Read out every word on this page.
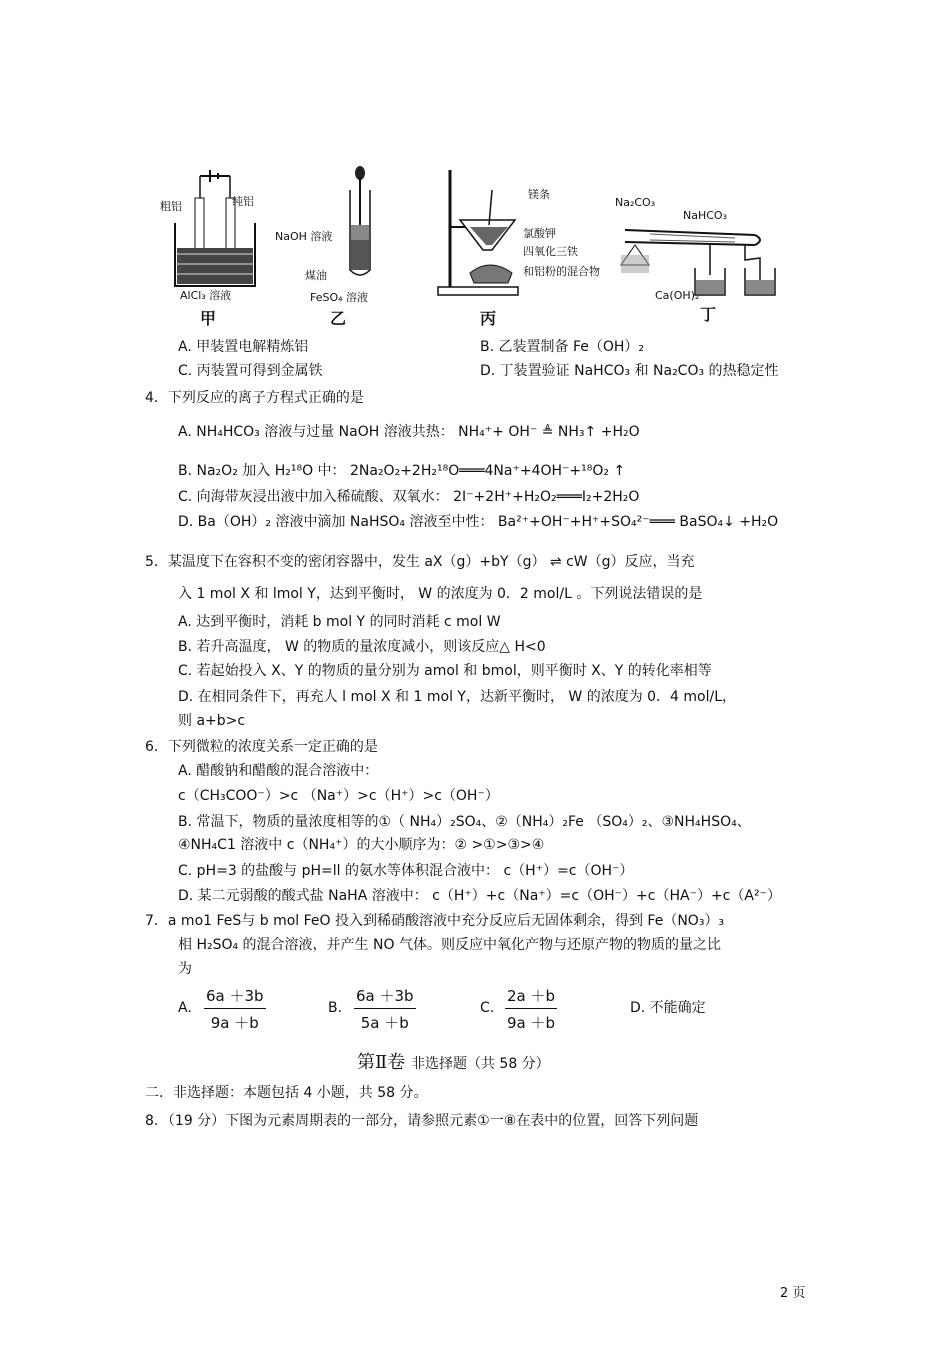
粗铝	纯铝
AlCl₃ 溶液
甲
NaOH 溶液
煤油
FeSO₄ 溶液
乙
镁条
氯酸钾
四氧化三铁
和铝粉的混合物
丙
Na₂CO₃
NaHCO₃
Ca(OH)₂
丁
A. 甲装置电解精炼铝	B. 乙装置制备 Fe（OH）₂
C. 丙装置可得到金属铁	D. 丁装置验证 NaHCO₃ 和 Na₂CO₃ 的热稳定性
4．下列反应的离子方程式正确的是
A. NH₄HCO₃ 溶液与过量 NaOH 溶液共热： NH₄⁺+ OH⁻ ≜ NH₃↑ +H₂O
B. Na₂O₂ 加入 H₂¹⁸O 中： 2Na₂O₂+2H₂¹⁸O═══4Na⁺+4OH⁻+¹⁸O₂ ↑
C. 向海带灰浸出液中加入稀硫酸、双氧水： 2I⁻+2H⁺+H₂O₂═══I₂+2H₂O
D. Ba（OH）₂ 溶液中滴加 NaHSO₄ 溶液至中性： Ba²⁺+OH⁻+H⁺+SO₄²⁻═══ BaSO₄↓ +H₂O
5．某温度下在容积不变的密闭容器中，发生 aX（g）+bY（g） ⇌ cW（g）反应，当充
入 1 mol X 和 lmol Y，达到平衡时， W 的浓度为 0．2 mol/L 。下列说法错误的是
A. 达到平衡时，消耗 b mol Y 的同时消耗 c mol W
B. 若升高温度， W 的物质的量浓度减小，则该反应△ H<0
C. 若起始投入 X、Y 的物质的量分别为 amol 和 bmol，则平衡时 X、Y 的转化率相等
D. 在相同条件下，再充人 l mol X 和 1 mol Y，达新平衡时， W 的浓度为 0．4 mol/L，
则 a+b>c
6．下列微粒的浓度关系一定正确的是
A. 醋酸钠和醋酸的混合溶液中：
c（CH₃COO⁻）>c （Na⁺）>c（H⁺）>c（OH⁻）
B. 常温下，物质的量浓度相等的①（ NH₄）₂SO₄、②（NH₄）₂Fe （SO₄）₂、③NH₄HSO₄、
④NH₄C1 溶液中 c（NH₄⁺）的大小顺序为：② >①>③>④
C. pH=3 的盐酸与 pH=ll 的氨水等体积混合液中： c（H⁺）=c（OH⁻）
D. 某二元弱酸的酸式盐 NaHA 溶液中： c（H⁺）+c（Na⁺）=c（OH⁻）+c（HA⁻）+c（A²⁻）
7．a mo1 FeS与 b mol FeO 投入到稀硝酸溶液中充分反应后无固体剩余，得到 Fe（NO₃）₃
相 H₂SO₄ 的混合溶液，并产生 NO 气体。则反应中氧化产物与还原产物的物质的量之比
为
A. $\frac{6a +3b}{9a +b}$	B. $\frac{6a +3b}{5a +b}$	C. $\frac{2a +b}{9a +b}$	D. 不能确定
第Ⅱ卷 非选择题（共 58 分）
二．非选择题：本题包括 4 小题，共 58 分。
8．（19 分）下图为元素周期表的一部分，请参照元素①一⑧在表中的位置，回答下列问题
2 页
